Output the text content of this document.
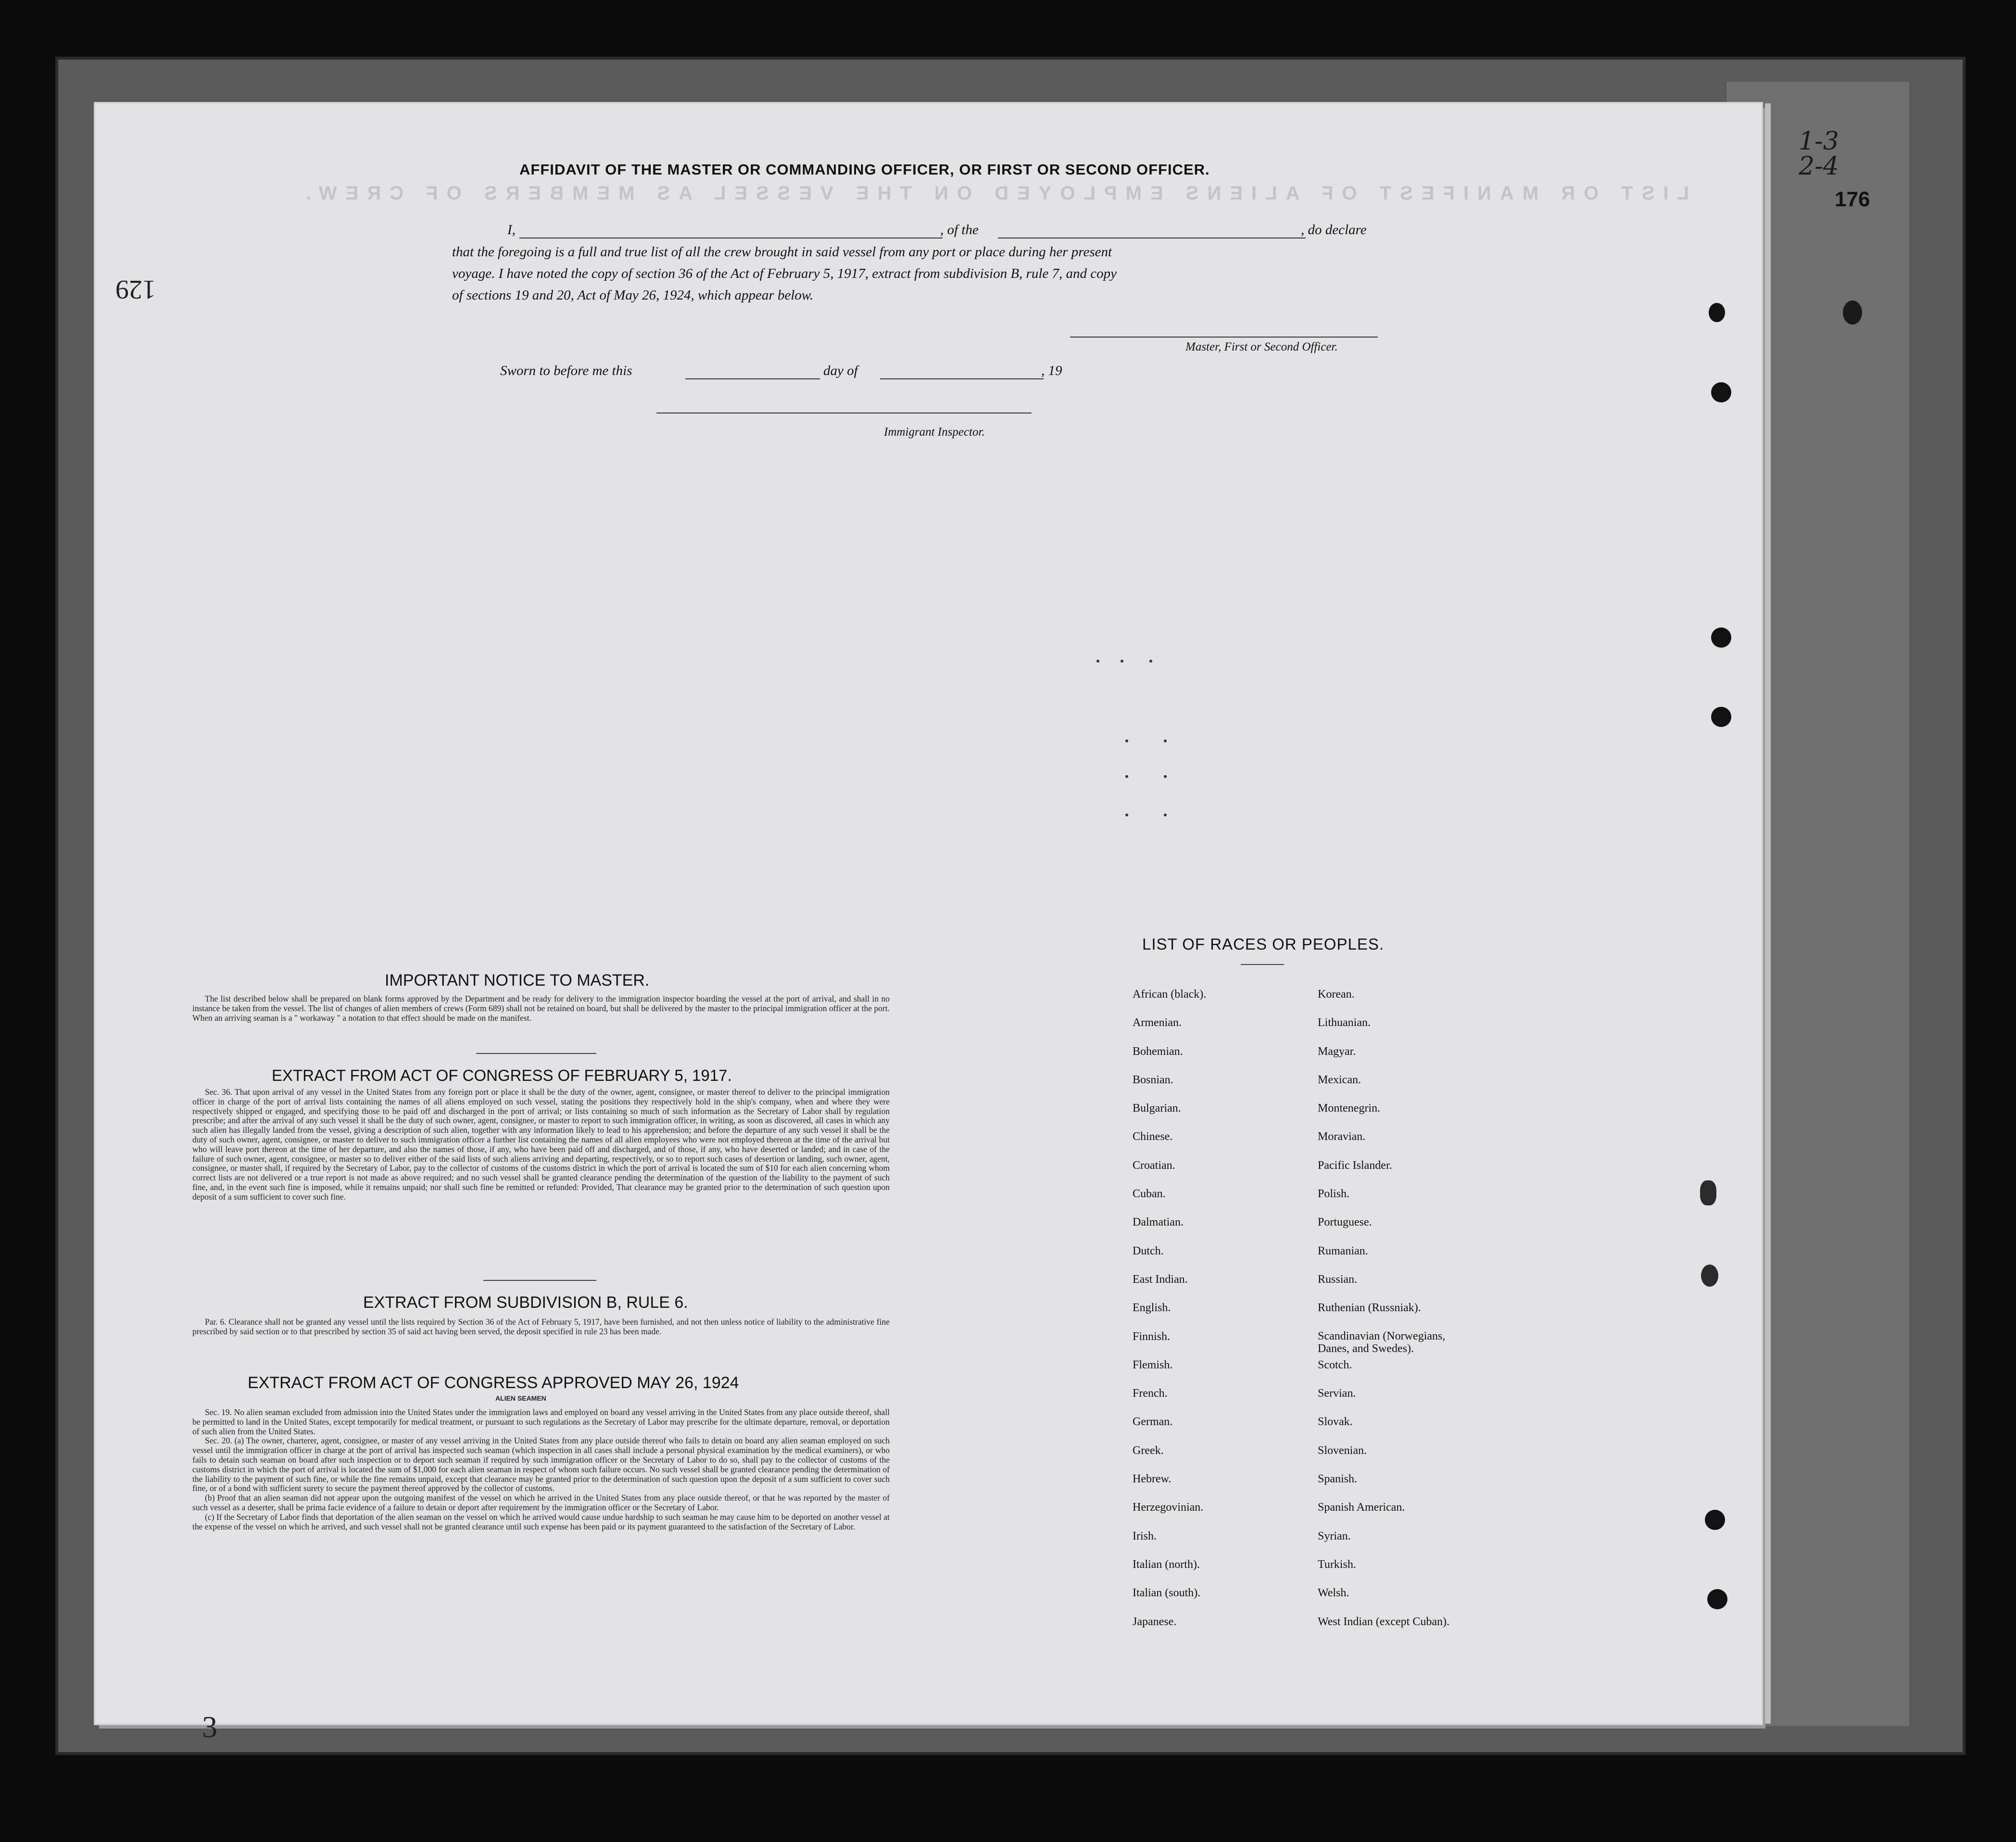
LIST OR MANIFEST OF ALIENS EMPLOYED ON THE VESSEL AS MEMBERS OF CREW.	176
1-3
2-4
129
3
AFFIDAVIT OF THE MASTER OR COMMANDING OFFICER, OR FIRST OR SECOND OFFICER.
I,	, of the	, do declare
that the foregoing is a full and true list of all the crew brought in said vessel from any port or place during her present
voyage. I have noted the copy of section 36 of the Act of February 5, 1917, extract from subdivision B, rule 7, and copy
of sections 19 and 20, Act of May 26, 1924, which appear below.
Master, First or Second Officer.
Sworn to before me this	day of	, 19
Immigrant Inspector.
IMPORTANT NOTICE TO MASTER.

The list described below shall be prepared on blank forms approved by the Department and be ready for delivery to the immigration inspector boarding the vessel at the port of arrival, and shall in no instance be taken from the vessel. The list of changes of alien members of crews (Form 689) shall not be retained on board, but shall be delivered by the master to the principal immigration officer at the port. When an arriving seaman is a " workaway " a notation to that effect should be made on the manifest.

EXTRACT FROM ACT OF CONGRESS OF FEBRUARY 5, 1917.

Sec. 36. That upon arrival of any vessel in the United States from any foreign port or place it shall be the duty of the owner, agent, consignee, or master thereof to deliver to the principal immigration officer in charge of the port of arrival lists containing the names of all aliens employed on such vessel, stating the positions they respectively hold in the ship's company, when and where they were respectively shipped or engaged, and specifying those to be paid off and discharged in the port of arrival; or lists containing so much of such information as the Secretary of Labor shall by regulation prescribe; and after the arrival of any such vessel it shall be the duty of such owner, agent, consignee, or master to report to such immigration officer, in writing, as soon as discovered, all cases in which any such alien has illegally landed from the vessel, giving a description of such alien, together with any information likely to lead to his apprehension; and before the departure of any such vessel it shall be the duty of such owner, agent, consignee, or master to deliver to such immigration officer a further list containing the names of all alien employees who were not employed thereon at the time of the arrival but who will leave port thereon at the time of her departure, and also the names of those, if any, who have been paid off and discharged, and of those, if any, who have deserted or landed; and in case of the failure of such owner, agent, consignee, or master so to deliver either of the said lists of such aliens arriving and departing, respectively, or so to report such cases of desertion or landing, such owner, agent, consignee, or master shall, if required by the Secretary of Labor, pay to the collector of customs of the customs district in which the port of arrival is located the sum of $10 for each alien concerning whom correct lists are not delivered or a true report is not made as above required; and no such vessel shall be granted clearance pending the determination of the question of the liability to the payment of such fine, and, in the event such fine is imposed, while it remains unpaid; nor shall such fine be remitted or refunded: Provided, That clearance may be granted prior to the determination of such question upon deposit of a sum sufficient to cover such fine.

EXTRACT FROM SUBDIVISION B, RULE 6.

Par. 6. Clearance shall not be granted any vessel until the lists required by Section 36 of the Act of February 5, 1917, have been furnished, and not then unless notice of liability to the administrative fine prescribed by said section or to that prescribed by section 35 of said act having been served, the deposit specified in rule 23 has been made.

EXTRACT FROM ACT OF CONGRESS APPROVED MAY 26, 1924
ALIEN SEAMEN

Sec. 19. No alien seaman excluded from admission into the United States under the immigration laws and employed on board any vessel arriving in the United States from any place outside thereof, shall be permitted to land in the United States, except temporarily for medical treatment, or pursuant to such regulations as the Secretary of Labor may prescribe for the ultimate departure, removal, or deportation of such alien from the United States.

Sec. 20. (a) The owner, charterer, agent, consignee, or master of any vessel arriving in the United States from any place outside thereof who fails to detain on board any alien seaman employed on such vessel until the immigration officer in charge at the port of arrival has inspected such seaman (which inspection in all cases shall include a personal physical examination by the medical examiners), or who fails to detain such seaman on board after such inspection or to deport such seaman if required by such immigration officer or the Secretary of Labor to do so, shall pay to the collector of customs of the customs district in which the port of arrival is located the sum of $1,000 for each alien seaman in respect of whom such failure occurs. No such vessel shall be granted clearance pending the determination of the liability to the payment of such fine, or while the fine remains unpaid, except that clearance may be granted prior to the determination of such question upon the deposit of a sum sufficient to cover such fine, or of a bond with sufficient surety to secure the payment thereof approved by the collector of customs.

(b) Proof that an alien seaman did not appear upon the outgoing manifest of the vessel on which he arrived in the United States from any place outside thereof, or that he was reported by the master of such vessel as a deserter, shall be prima facie evidence of a failure to detain or deport after requirement by the immigration officer or the Secretary of Labor.

(c) If the Secretary of Labor finds that deportation of the alien seaman on the vessel on which he arrived would cause undue hardship to such seaman he may cause him to be deported on another vessel at the expense of the vessel on which he arrived, and such vessel shall not be granted clearance until such expense has been paid or its payment guaranteed to the satisfaction of the Secretary of Labor.

LIST OF RACES OR PEOPLES.
African (black).
Armenian.
Bohemian.
Bosnian.
Bulgarian.
Chinese.
Croatian.
Cuban.
Dalmatian.
Dutch.
East Indian.
English.
Finnish.
Flemish.
French.
German.
Greek.
Hebrew.
Herzegovinian.
Irish.
Italian (north).
Italian (south).
Japanese.
Korean.
Lithuanian.
Magyar.
Mexican.
Montenegrin.
Moravian.
Pacific Islander.
Polish.
Portuguese.
Rumanian.
Russian.
Ruthenian (Russniak).
Scandinavian (Norwegians, Danes, and Swedes).
Scotch.
Servian.
Slovak.
Slovenian.
Spanish.
Spanish American.
Syrian.
Turkish.
Welsh.
West Indian (except Cuban).
